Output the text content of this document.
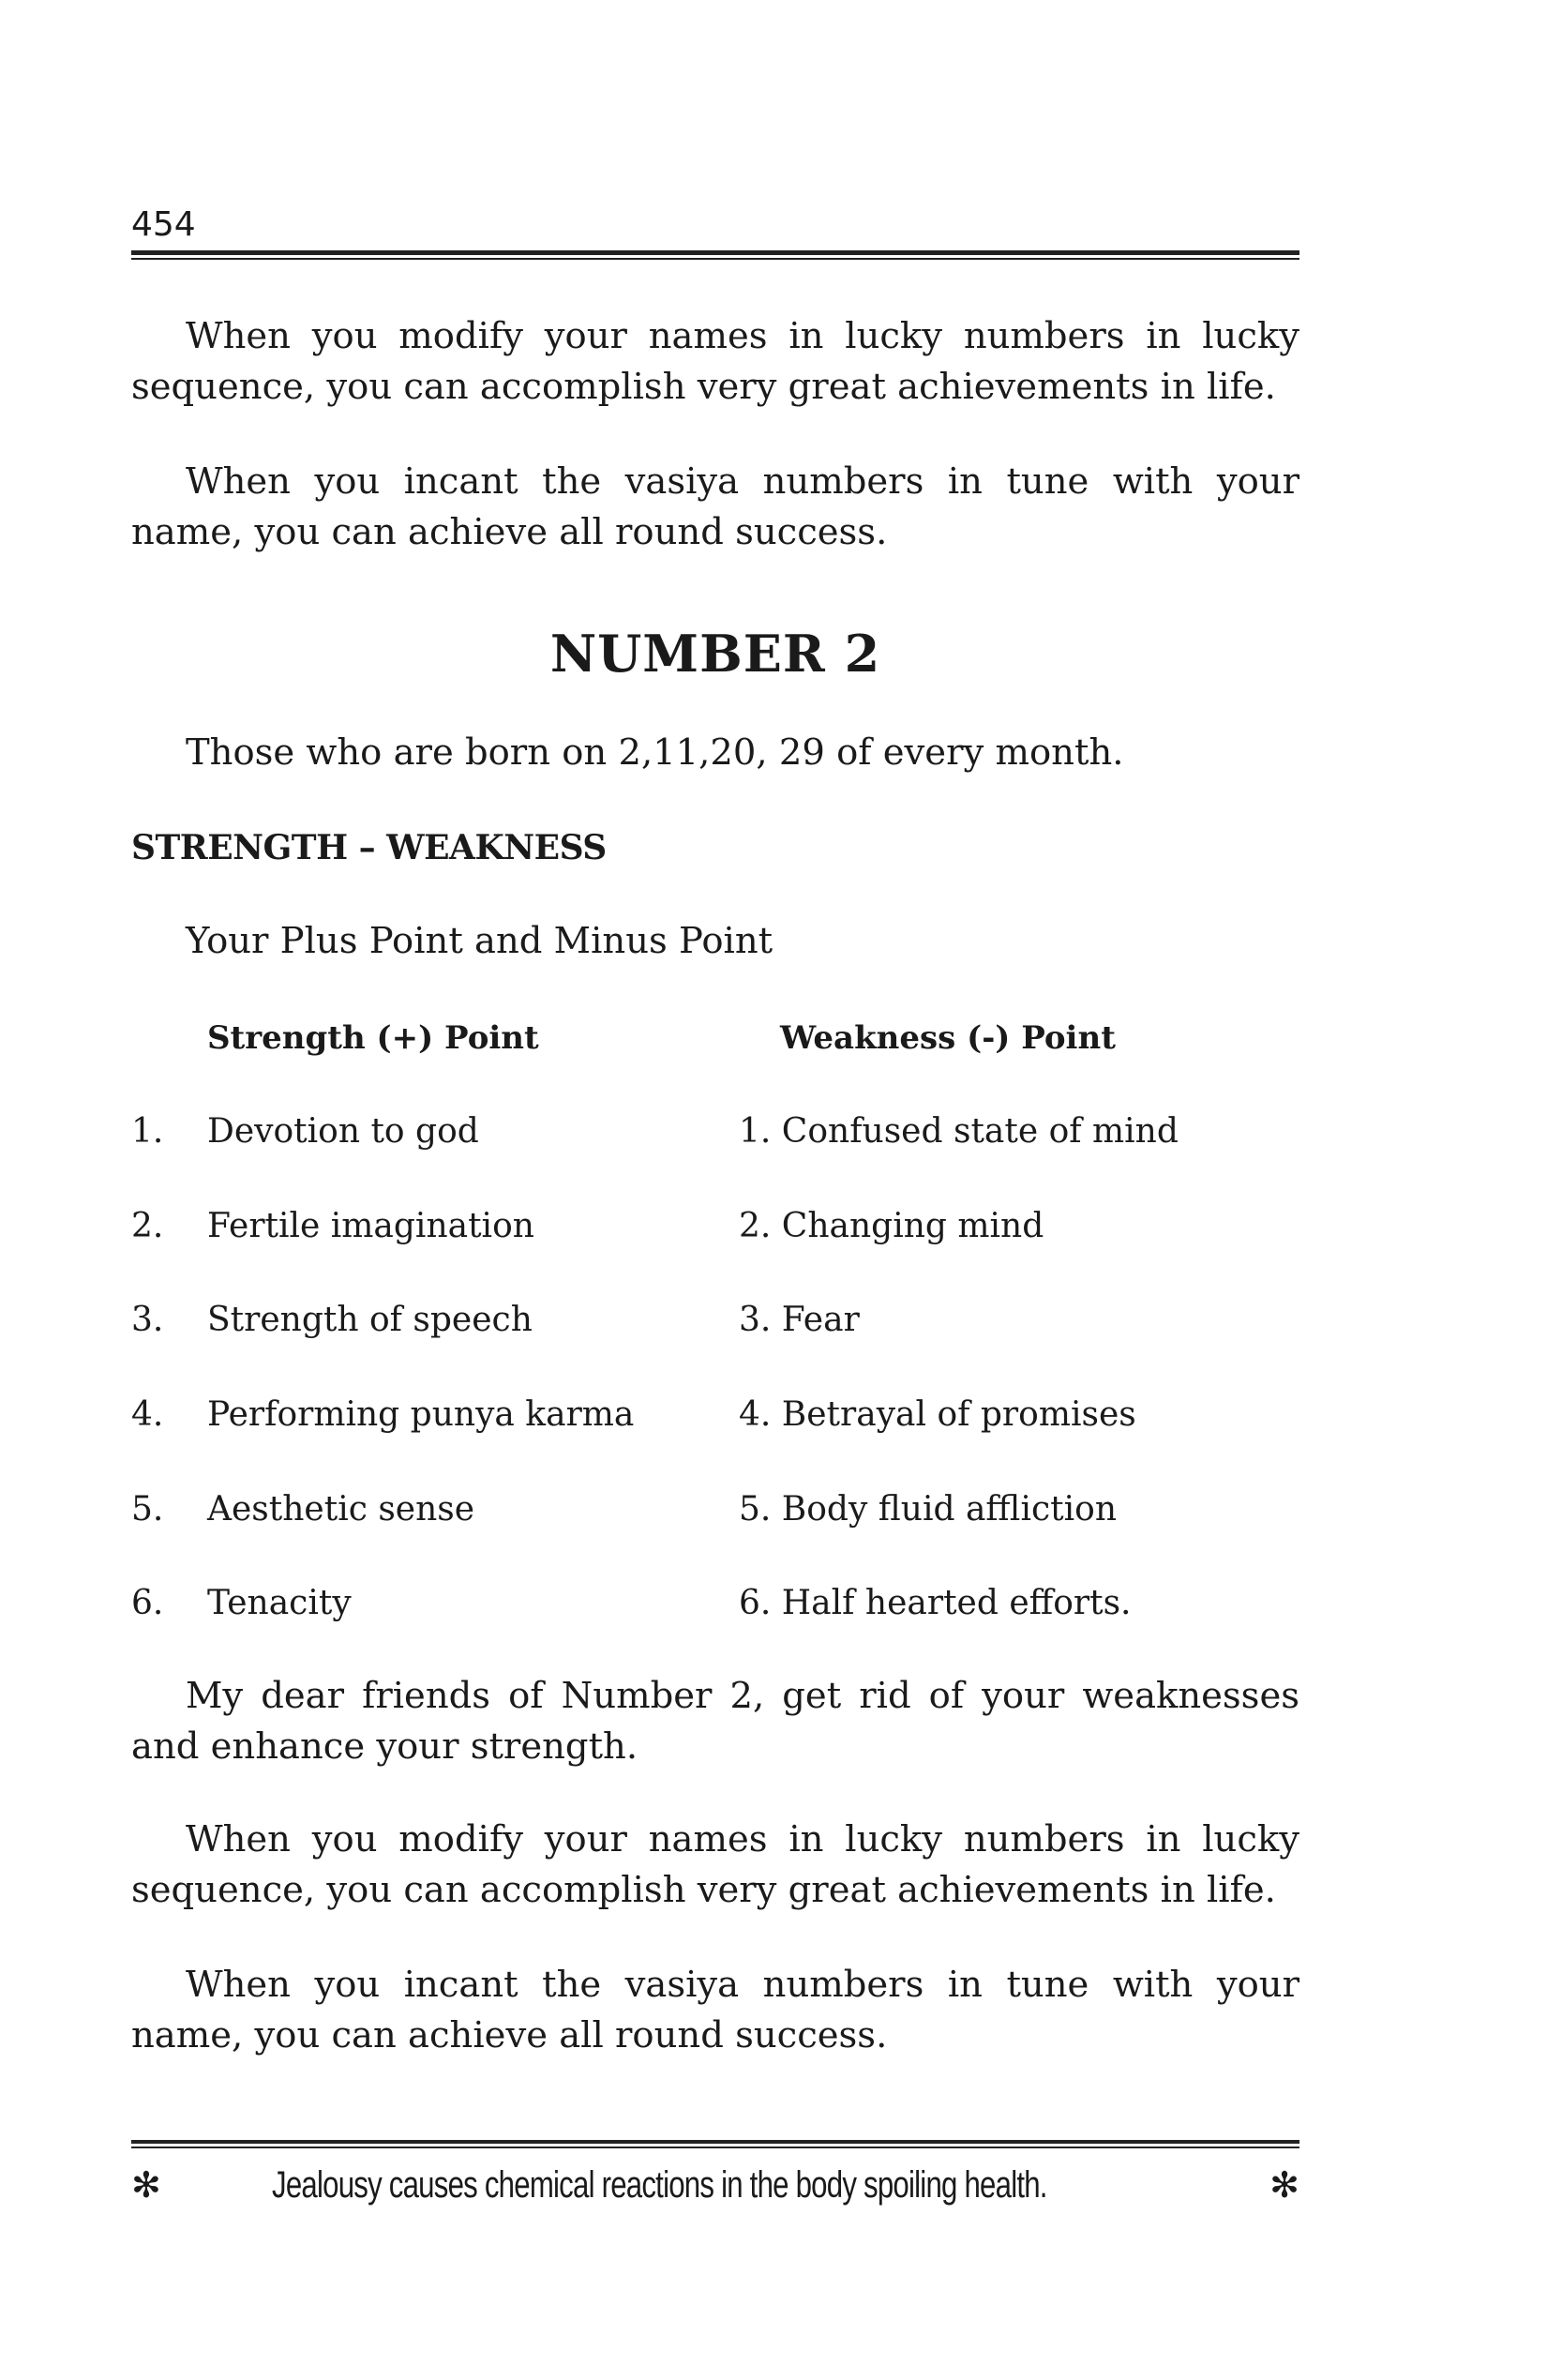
454

When you modify your names in lucky numbers in lucky sequence, you can accomplish very great achievements in life.

When you incant the vasiya numbers in tune with your name, you can achieve all round success.

NUMBER 2

Those who are born on 2,11,20, 29 of every month.

STRENGTH – WEAKNESS

Your Plus Point and Minus Point

Strength (+) Point	Weakness (-) Point
1. Devotion to god	1. Confused state of mind
2. Fertile imagination	2. Changing mind
3. Strength of speech	3. Fear
4. Performing punya karma	4. Betrayal of promises
5. Aesthetic sense	5. Body fluid affliction
6. Tenacity	6. Half hearted efforts.

My dear friends of Number 2, get rid of your weaknesses and enhance your strength.

When you modify your names in lucky numbers in lucky sequence, you can accomplish very great achievements in life.

When you incant the vasiya numbers in tune with your name, you can achieve all round success.

✻	Jealousy causes chemical reactions in the body spoiling health.	✻
